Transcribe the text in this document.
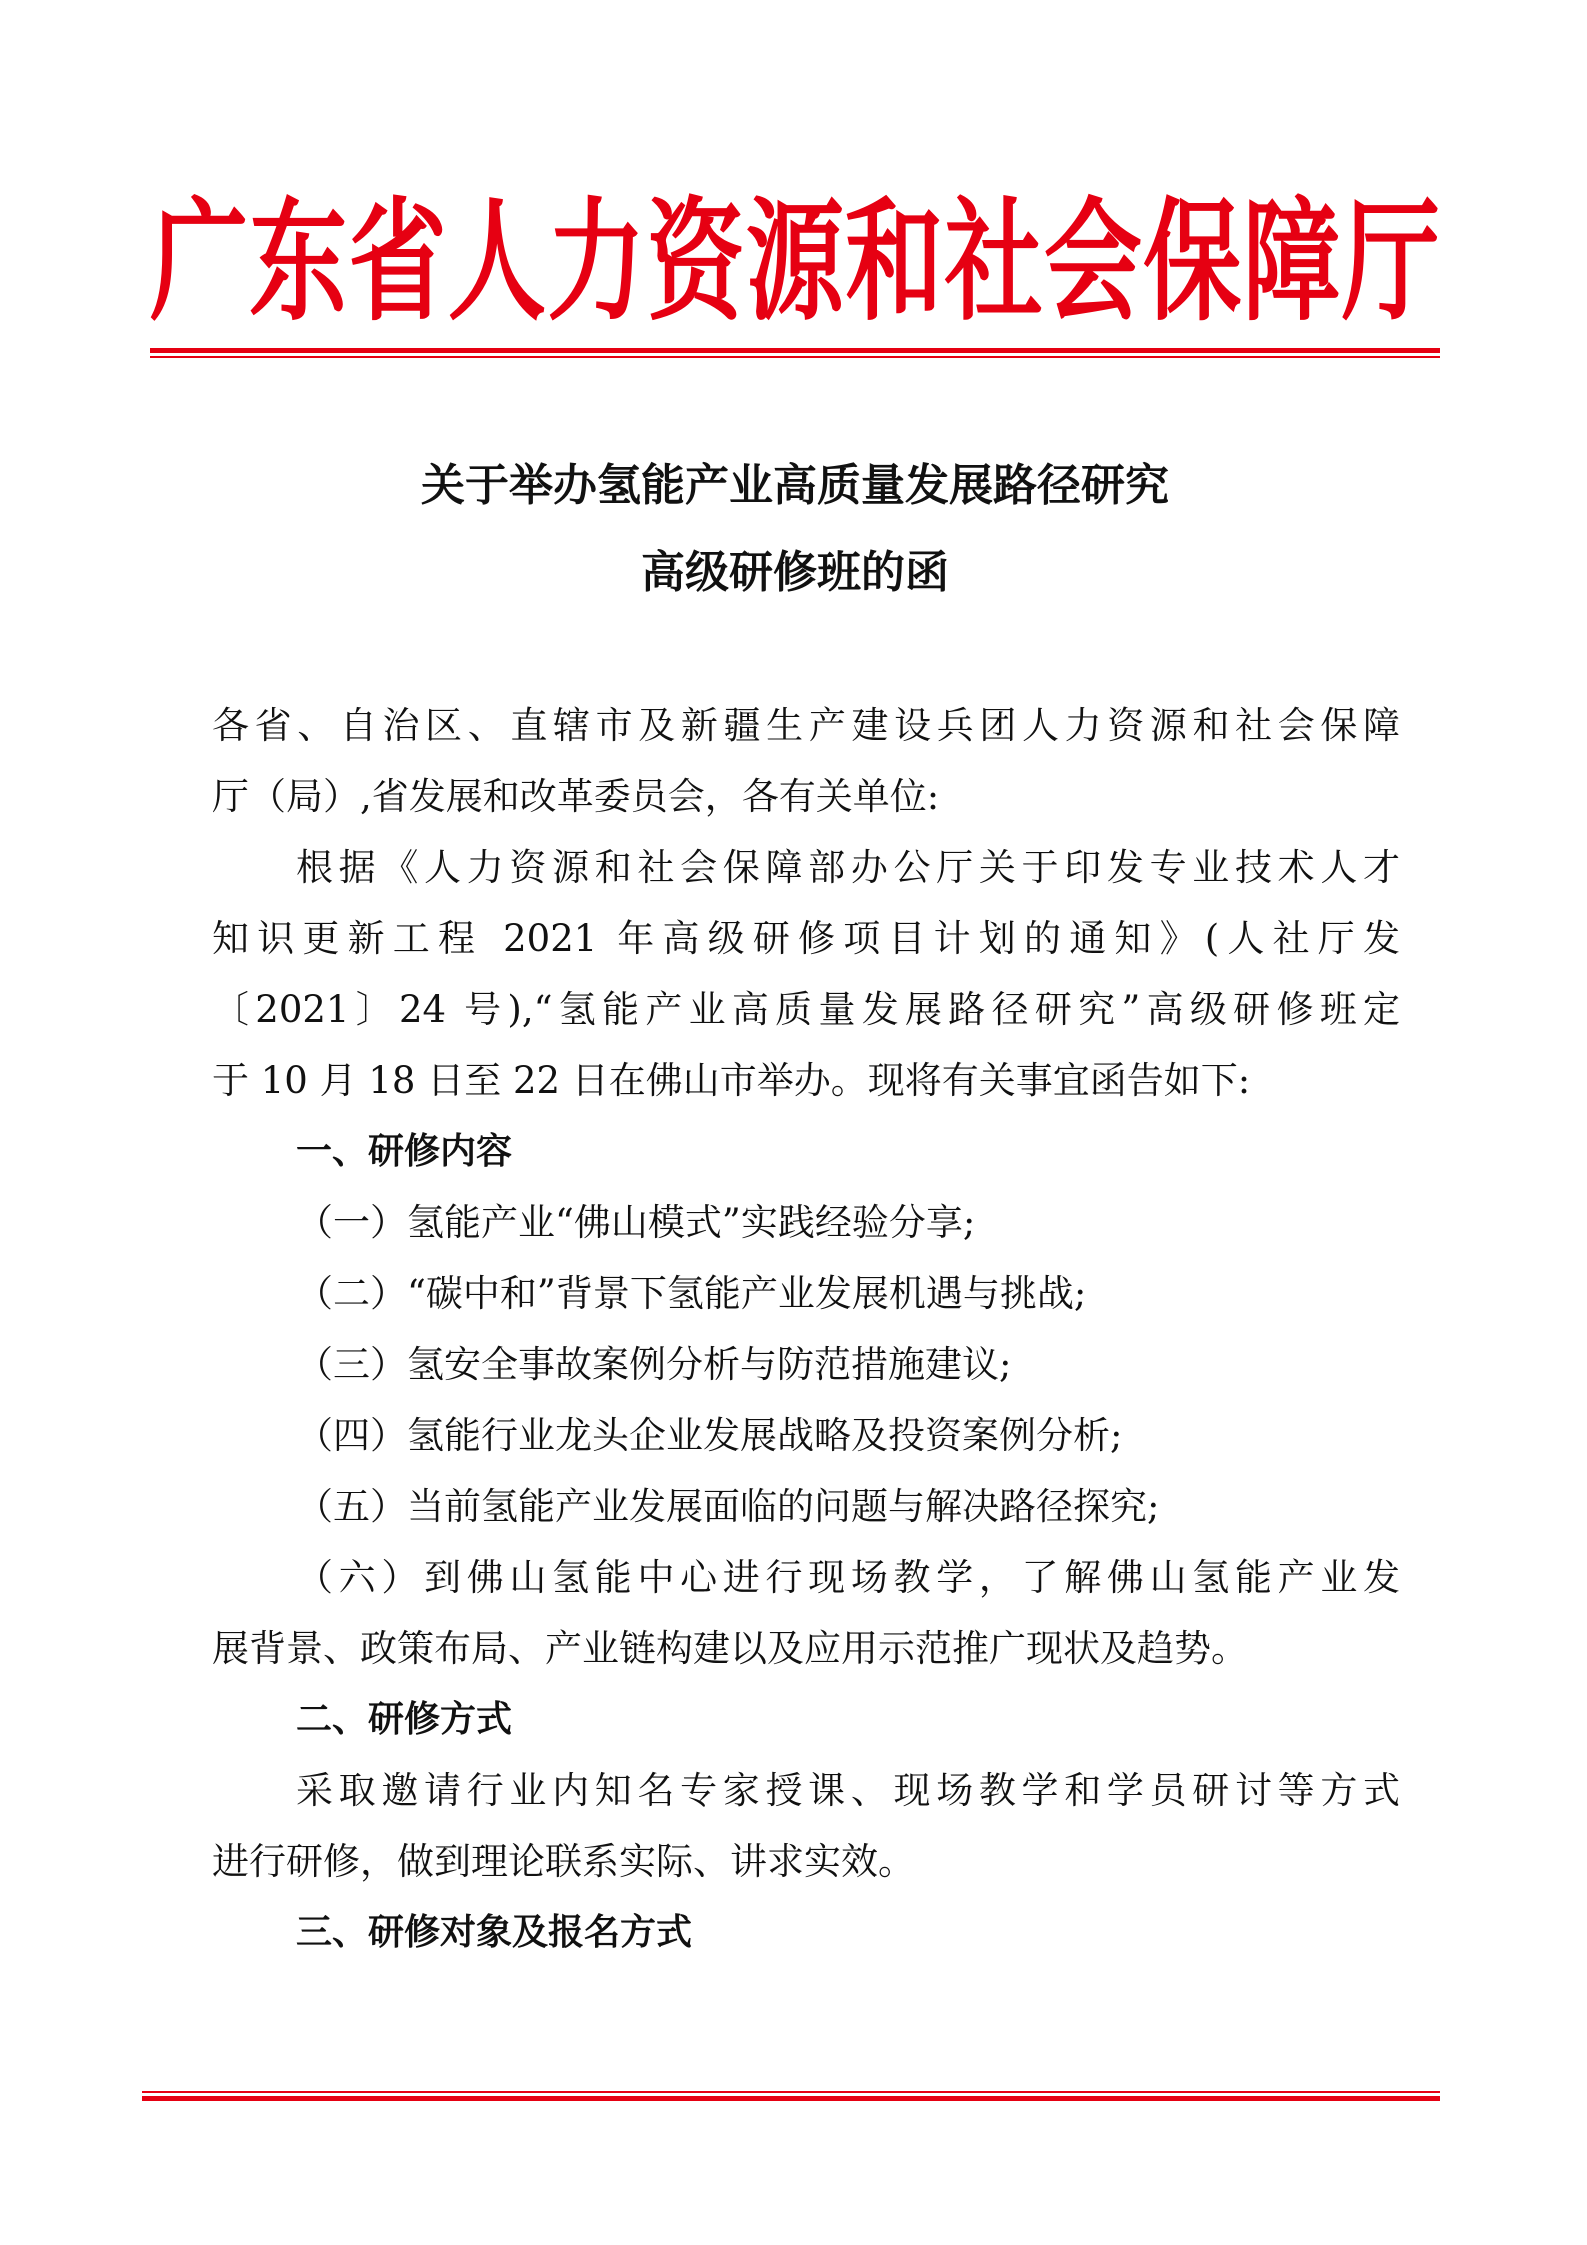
广 东 省 人 力 资 源 和 社 会 保 障 厅
关于举办氢能产业高质量发展路径研究
高级研修班的函
各省、自治区、直辖市及新疆生产建设兵团人力资源和社会保障
厅（局）,省发展和改革委员会，各有关单位:
根据《人力资源和社会保障部办公厅关于印发专业技术人才
知识更新工程 2021 年高级研修项目计划的通知》(人社厅发
〔2021〕24 号),“氢能产业高质量发展路径研究”高级研修班定
于 10 月 18 日至 22 日在佛山市举办。现将有关事宜函告如下:
一、研修内容
（一）氢能产业“佛山模式”实践经验分享;
（二）“碳中和”背景下氢能产业发展机遇与挑战;
（三）氢安全事故案例分析与防范措施建议;
（四）氢能行业龙头企业发展战略及投资案例分析;
（五）当前氢能产业发展面临的问题与解决路径探究;
（六）到佛山氢能中心进行现场教学，了解佛山氢能产业发
展背景、政策布局、产业链构建以及应用示范推广现状及趋势。
二、研修方式
采取邀请行业内知名专家授课、现场教学和学员研讨等方式
进行研修，做到理论联系实际、讲求实效。
三、研修对象及报名方式
